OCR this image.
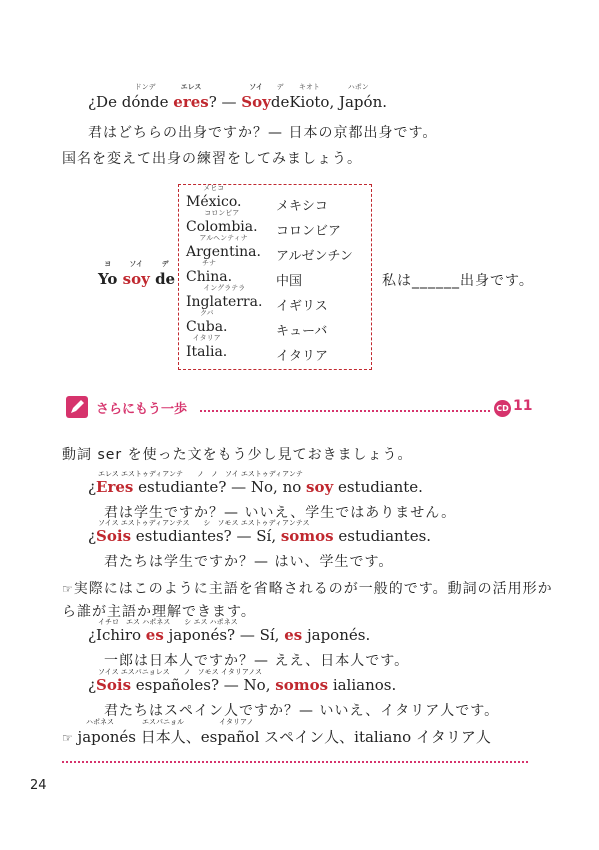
¿De
ドンデ
dónde
エレス
eres? —
ソイ
Soy
デ
de
キオト
Kioto
ハポン
, Japón.
君はどちらの出身ですか？— 日本の京都出身です。
国名を変えて出身の練習をしてみましょう。
ヨ
Yo
ソイ
soy
デ
de	私は______出身です。
メヒコ
México.	メキシコ
コロンビア
Colombia. コロンビア
アルヘンティナ
Argentina. アルゼンチン
チナ
China.	中国
イングラテラ
Inglaterra. イギリス
クバ
Cuba.	キューバ
イタリア
Italia.	イタリア
さらにもう一歩	CD 11
動詞 ser を使った文をもう少し見ておきましょう。
エレス エストゥディアンテ　　ノ　ノ　ソイ エストゥディアンテ
¿Eres estudiante? — No, no soy estudiante.
君は学生ですか？— いいえ、学生ではありません。
ソイス エストゥディアンテス　　シ　ソモス エストゥディアンテス
¿Sois estudiantes? — Sí, somos estudiantes.
君たちは学生ですか？— はい、学生です。
☞実際にはこのように主語を省略されるのが一般的です。動詞の活用形か
ら誰が主語か理解できます。
イチロ　エス ハポネス　　シ エス ハポネス
¿Ichiro es japonés? — Sí, es japonés.
一郎は日本人ですか？— ええ、日本人です。
ソイス エスパニョレス　　ノ　ソモス イタリアノス
¿Sois españoles? — No, somos ialianos.
君たちはスペイン人ですか？— いいえ、イタリア人です。
ハポネス　　　　エスパニョル　　　　　イタリアノ
☞ japonés 日本人、español スペイン人、italiano イタリア人
24
